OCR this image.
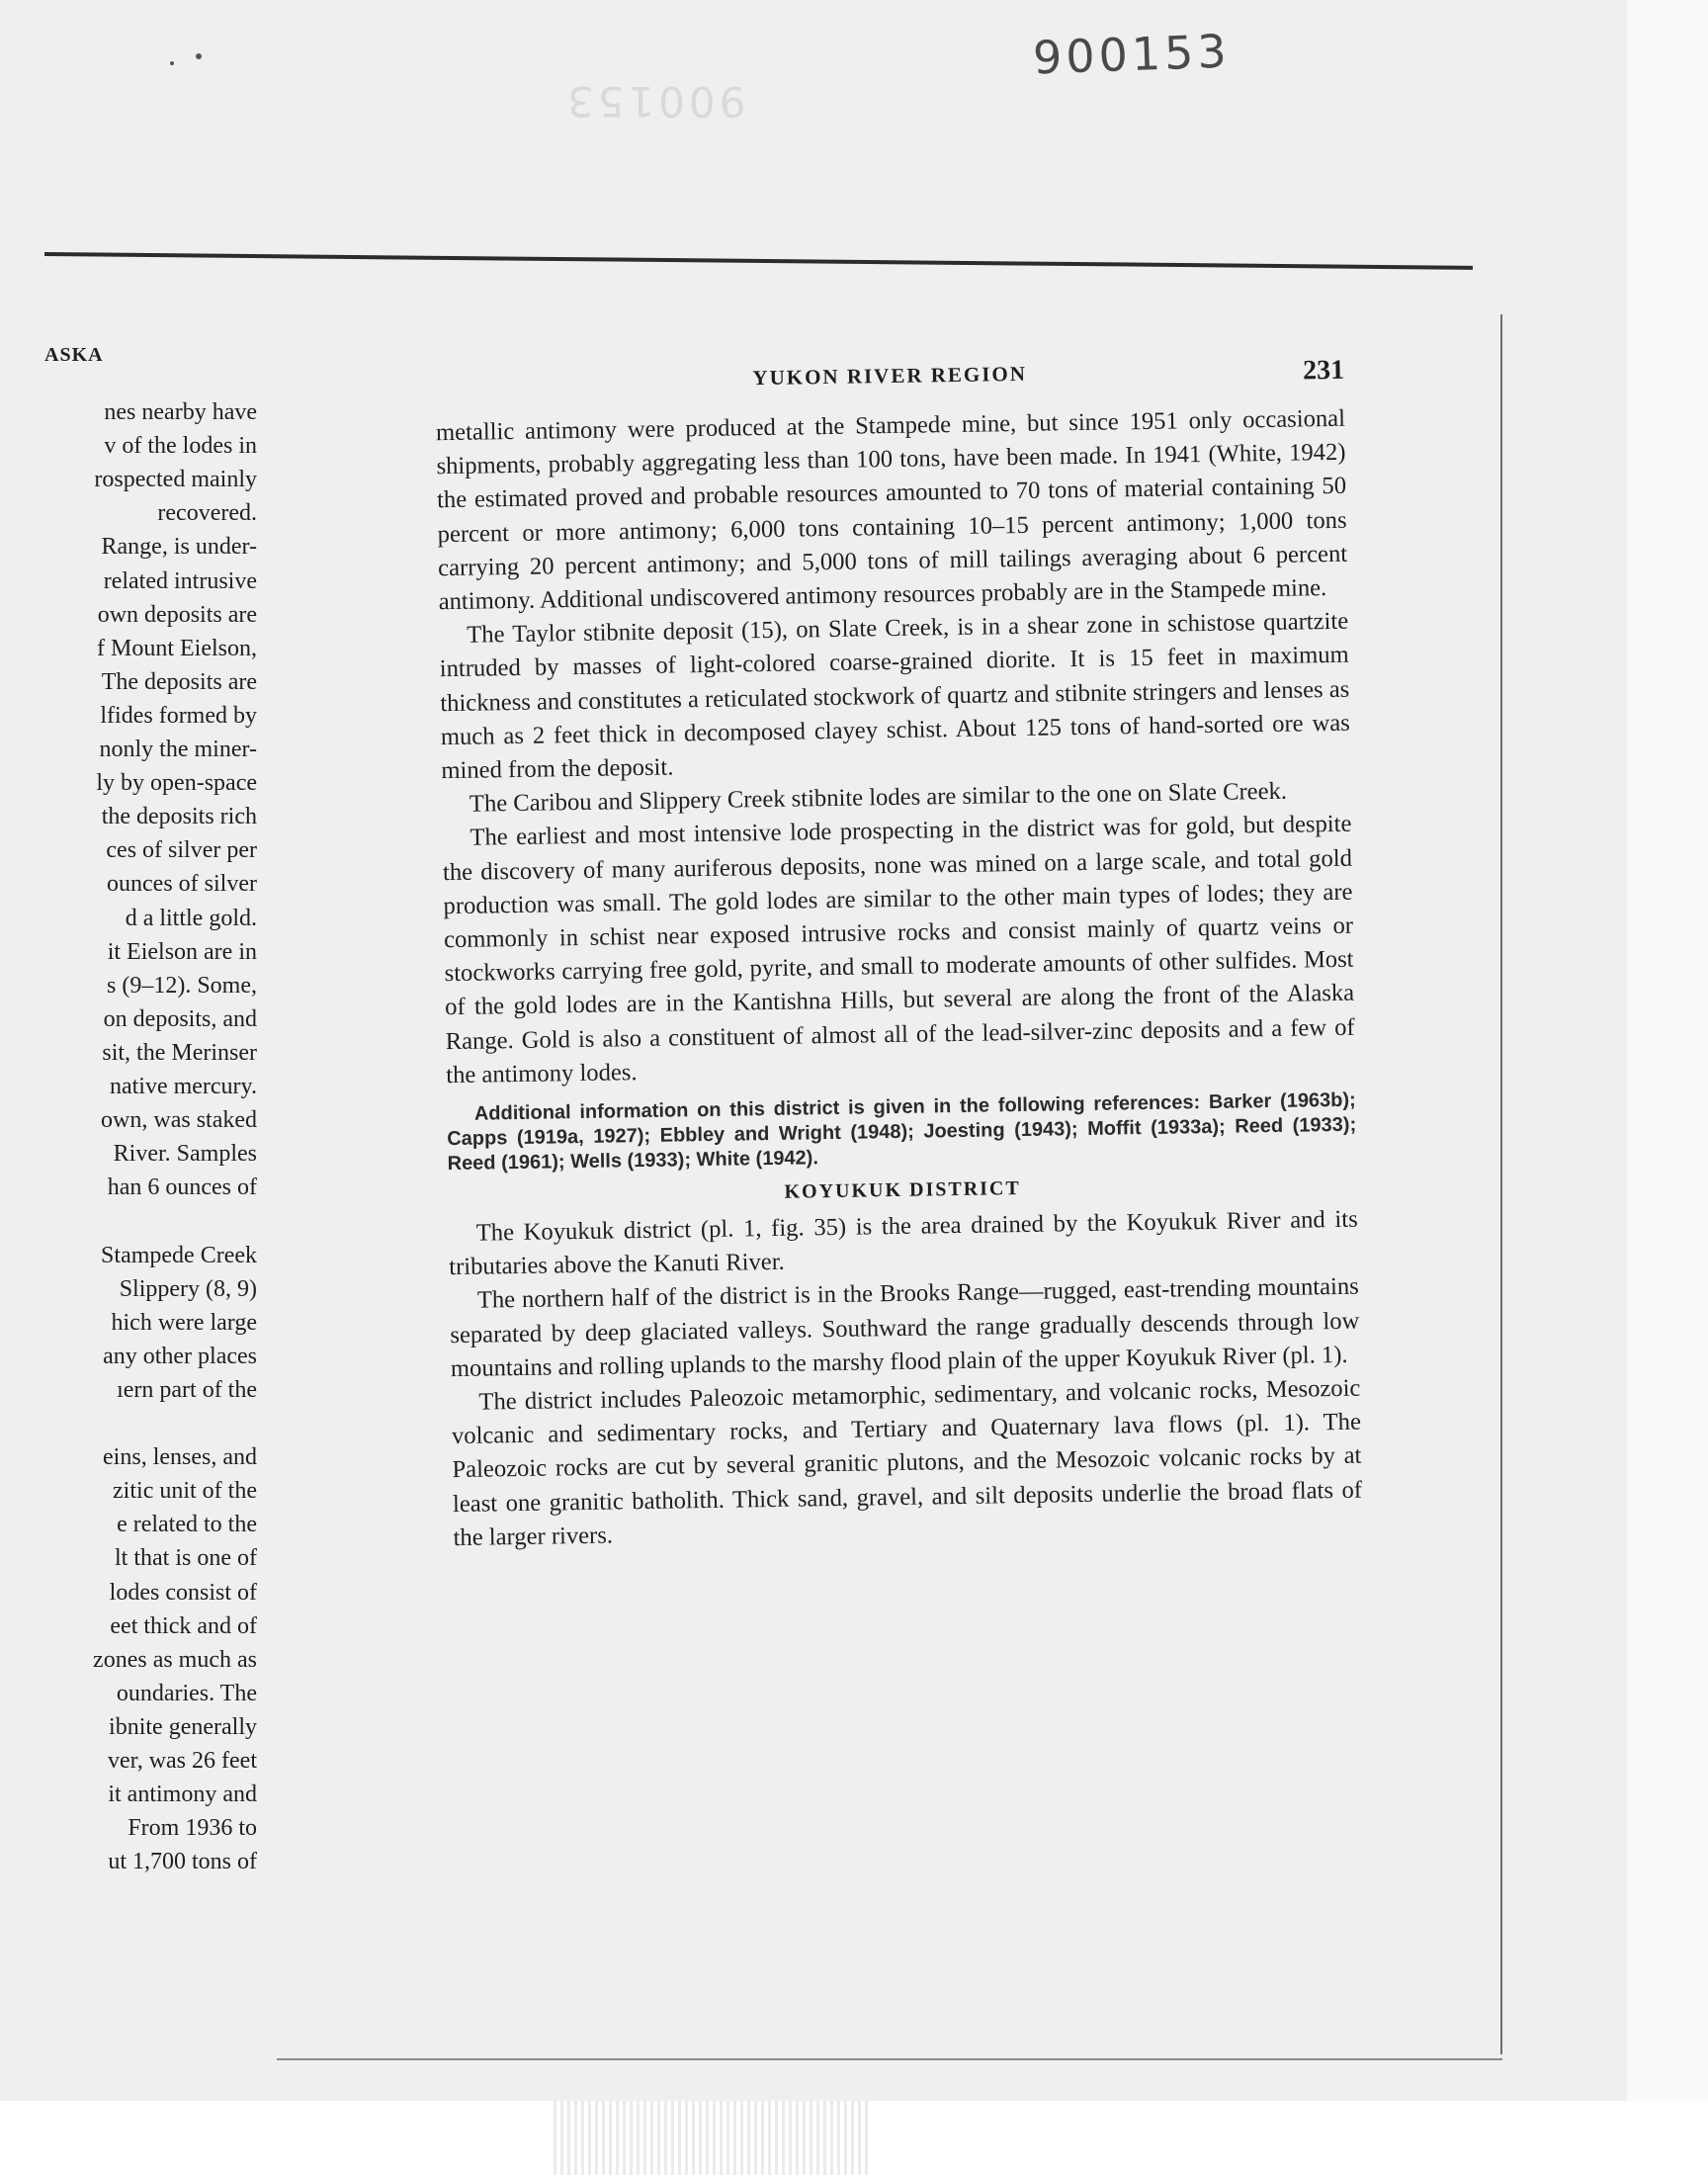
900153
900153
ASKA
nes nearby have
v of the lodes in
rospected mainly
recovered.
Range, is under-
related intrusive
own deposits are
f Mount Eielson,
The deposits are
lfides formed by
nonly the miner-
ly by open-space
the deposits rich
ces of silver per
ounces of silver
d a little gold.
it Eielson are in
s (9–12). Some,
on deposits, and
sit, the Merinser
native mercury.
own, was staked
River. Samples
han 6 ounces of
Stampede Creek
Slippery (8, 9)
hich were large
any other places
ıern part of the
eins, lenses, and
zitic unit of the
e related to the
lt that is one of
lodes consist of
eet thick and of
zones as much as
oundaries. The
ibnite generally
ver, was 26 feet
it antimony and
From 1936 to
ut 1,700 tons of
YUKON RIVER REGION	231

metallic antimony were produced at the Stampede mine, but since 1951 only occasional shipments, probably aggregating less than 100 tons, have been made. In 1941 (White, 1942) the estimated proved and probable resources amounted to 70 tons of material containing 50 percent or more antimony; 6,000 tons containing 10–15 percent antimony; 1,000 tons carrying 20 percent antimony; and 5,000 tons of mill tailings averaging about 6 percent antimony. Additional undiscovered antimony resources probably are in the Stampede mine.

The Taylor stibnite deposit (15), on Slate Creek, is in a shear zone in schistose quartzite intruded by masses of light-colored coarse-grained diorite. It is 15 feet in maximum thickness and constitutes a reticulated stockwork of quartz and stibnite stringers and lenses as much as 2 feet thick in decomposed clayey schist. About 125 tons of hand-sorted ore was mined from the deposit.

The Caribou and Slippery Creek stibnite lodes are similar to the one on Slate Creek.

The earliest and most intensive lode prospecting in the district was for gold, but despite the discovery of many auriferous deposits, none was mined on a large scale, and total gold production was small. The gold lodes are similar to the other main types of lodes; they are commonly in schist near exposed intrusive rocks and consist mainly of quartz veins or stockworks carrying free gold, pyrite, and small to moderate amounts of other sulfides. Most of the gold lodes are in the Kantishna Hills, but several are along the front of the Alaska Range. Gold is also a constituent of almost all of the lead-silver-zinc deposits and a few of the antimony lodes.

Additional information on this district is given in the following references: Barker (1963b); Capps (1919a, 1927); Ebbley and Wright (1948); Joesting (1943); Moffit (1933a); Reed (1933); Reed (1961); Wells (1933); White (1942).

KOYUKUK DISTRICT

The Koyukuk district (pl. 1, fig. 35) is the area drained by the Koyukuk River and its tributaries above the Kanuti River.

The northern half of the district is in the Brooks Range—rugged, east-trending mountains separated by deep glaciated valleys. Southward the range gradually descends through low mountains and rolling uplands to the marshy flood plain of the upper Koyukuk River (pl. 1).

The district includes Paleozoic metamorphic, sedimentary, and volcanic rocks, Mesozoic volcanic and sedimentary rocks, and Tertiary and Quaternary lava flows (pl. 1). The Paleozoic rocks are cut by several granitic plutons, and the Mesozoic volcanic rocks by at least one granitic batholith. Thick sand, gravel, and silt deposits underlie the broad flats of the larger rivers.
